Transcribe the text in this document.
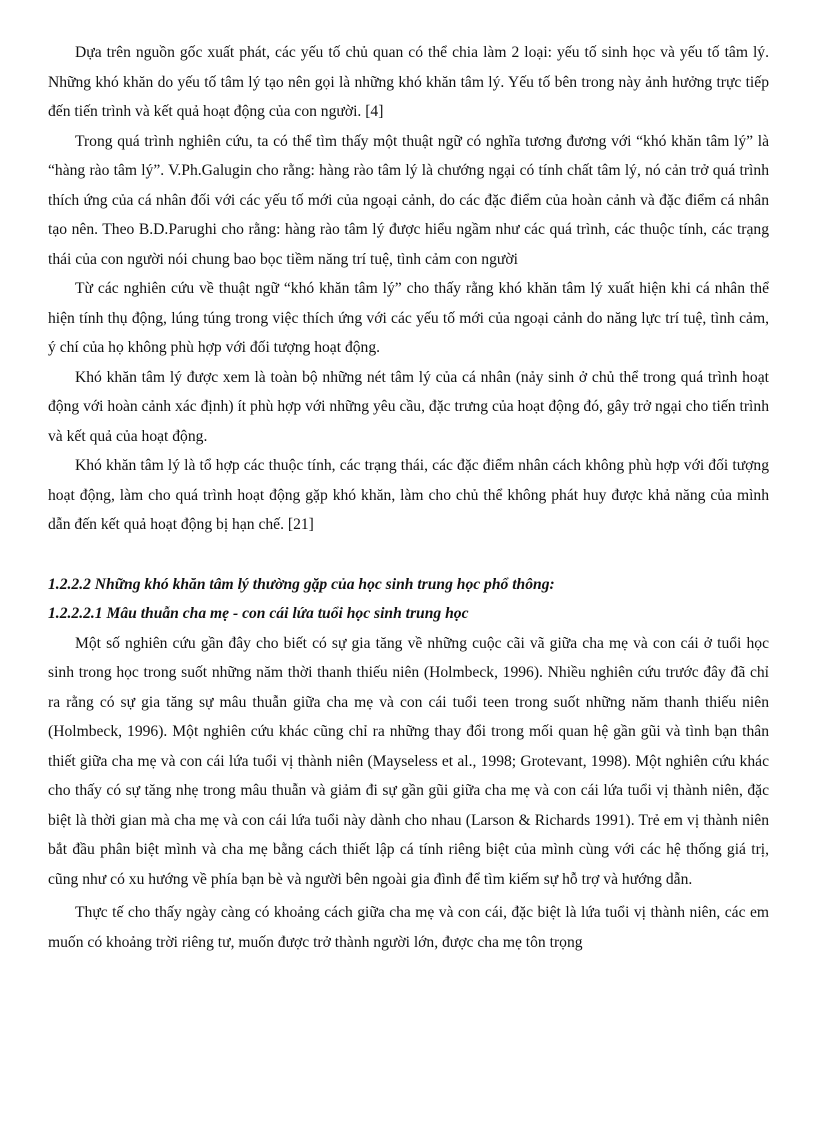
Dựa trên nguồn gốc xuất phát, các yếu tố chủ quan có thể chia làm 2 loại: yếu tố sinh học và yếu tố tâm lý. Những khó khăn do yếu tố tâm lý tạo nên gọi là những khó khăn tâm lý. Yếu tố bên trong này ảnh hưởng trực tiếp đến tiến trình và kết quả hoạt động của con người. [4]

Trong quá trình nghiên cứu, ta có thể tìm thấy một thuật ngữ có nghĩa tương đương với “khó khăn tâm lý” là “hàng rào tâm lý”. V.Ph.Galugin cho rằng: hàng rào tâm lý là chướng ngại có tính chất tâm lý, nó cản trở quá trình thích ứng của cá nhân đối với các yếu tố mới của ngoại cảnh, do các đặc điểm của hoàn cảnh và đặc điểm cá nhân tạo nên. Theo B.D.Parughi cho rằng: hàng rào tâm lý được hiểu ngầm như các quá trình, các thuộc tính, các trạng thái của con người nói chung bao bọc tiềm năng trí tuệ, tình cảm con người

Từ các nghiên cứu về thuật ngữ “khó khăn tâm lý” cho thấy rằng khó khăn tâm lý xuất hiện khi cá nhân thể hiện tính thụ động, lúng túng trong việc thích ứng với các yếu tố mới của ngoại cảnh do năng lực trí tuệ, tình cảm, ý chí của họ không phù hợp với đối tượng hoạt động.

Khó khăn tâm lý được xem là toàn bộ những nét tâm lý của cá nhân (nảy sinh ở chủ thể trong quá trình hoạt động với hoàn cảnh xác định) ít phù hợp với những yêu cầu, đặc trưng của hoạt động đó, gây trở ngại cho tiến trình và kết quả của hoạt động.

Khó khăn tâm lý là tổ hợp các thuộc tính, các trạng thái, các đặc điểm nhân cách không phù hợp với đối tượng hoạt động, làm cho quá trình hoạt động gặp khó khăn, làm cho chủ thể không phát huy được khả năng của mình dẫn đến kết quả hoạt động bị hạn chế. [21]

1.2.2.2 Những khó khăn tâm lý thường gặp của học sinh trung học phổ thông:

1.2.2.2.1 Mâu thuẫn cha mẹ - con cái lứa tuổi học sinh trung học

Một số nghiên cứu gần đây cho biết có sự gia tăng về những cuộc cãi vã giữa cha mẹ và con cái ở tuổi học sinh trong học trong suốt những năm thời thanh thiếu niên (Holmbeck, 1996). Nhiều nghiên cứu trước đây đã chỉ ra rằng có sự gia tăng sự mâu thuẫn giữa cha mẹ và con cái tuổi teen trong suốt những năm thanh thiếu niên (Holmbeck, 1996). Một nghiên cứu khác cũng chỉ ra những thay đổi trong mối quan hệ gần gũi và tình bạn thân thiết giữa cha mẹ và con cái lứa tuổi vị thành niên (Mayseless et al., 1998; Grotevant, 1998). Một nghiên cứu khác cho thấy có sự tăng nhẹ trong mâu thuẫn và giảm đi sự gần gũi giữa cha mẹ và con cái lứa tuổi vị thành niên, đặc biệt là thời gian mà cha mẹ và con cái lứa tuổi này dành cho nhau (Larson & Richards 1991). Trẻ em vị thành niên bắt đầu phân biệt mình và cha mẹ bằng cách thiết lập cá tính riêng biệt của mình cùng với các hệ thống giá trị, cũng như có xu hướng về phía bạn bè và người bên ngoài gia đình để tìm kiếm sự hỗ trợ và hướng dẫn.

Thực tế cho thấy ngày càng có khoảng cách giữa cha mẹ và con cái, đặc biệt là lứa tuổi vị thành niên, các em muốn có khoảng trời riêng tư, muốn được trở thành người lớn, được cha mẹ tôn trọng
